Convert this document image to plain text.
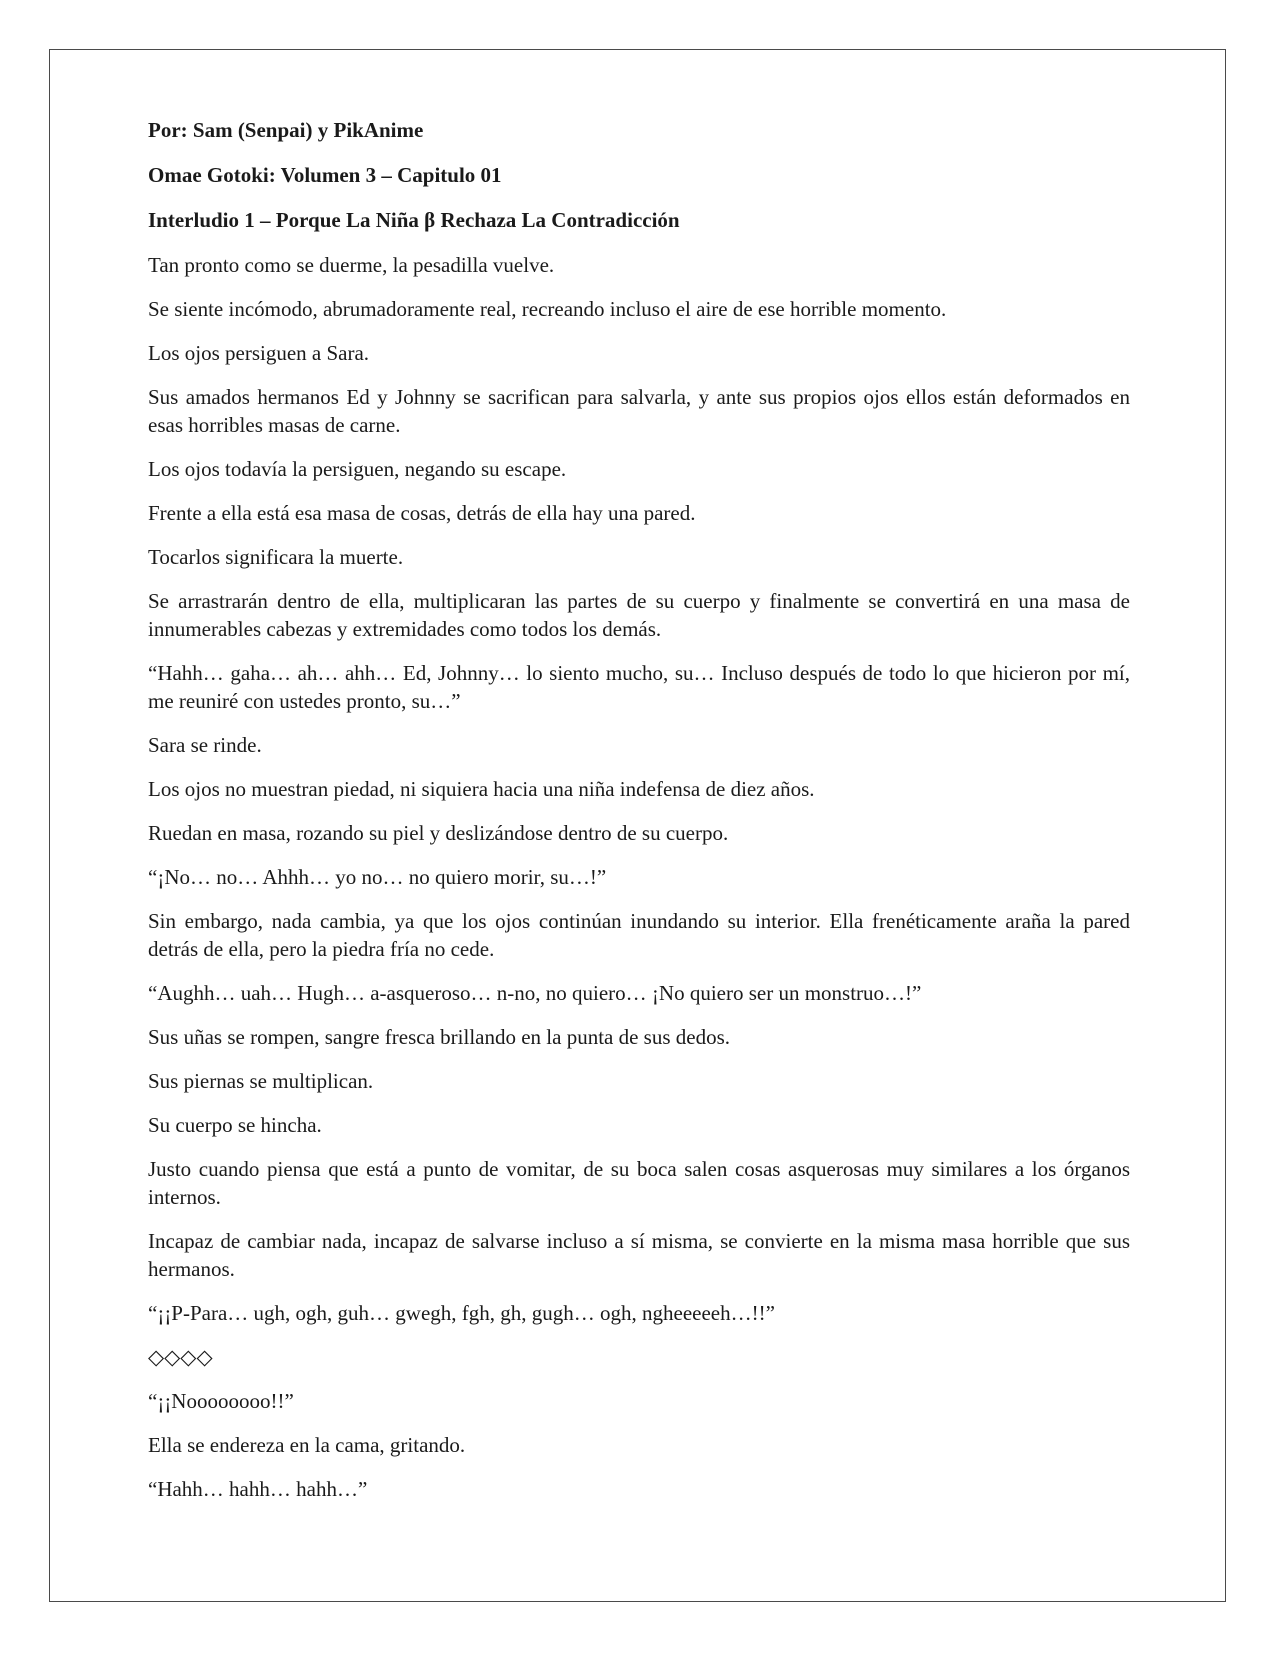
Por: Sam (Senpai) y PikAnime

Omae Gotoki: Volumen 3 – Capitulo 01

Interludio 1 – Porque La Niña β Rechaza La Contradicción

Tan pronto como se duerme, la pesadilla vuelve.

Se siente incómodo, abrumadoramente real, recreando incluso el aire de ese horrible momento.

Los ojos persiguen a Sara.

Sus amados hermanos Ed y Johnny se sacrifican para salvarla, y ante sus propios ojos ellos están deformados en esas horribles masas de carne.

Los ojos todavía la persiguen, negando su escape.

Frente a ella está esa masa de cosas, detrás de ella hay una pared.

Tocarlos significara la muerte.

Se arrastrarán dentro de ella, multiplicaran las partes de su cuerpo y finalmente se convertirá en una masa de innumerables cabezas y extremidades como todos los demás.

“Hahh… gaha… ah… ahh… Ed, Johnny… lo siento mucho, su… Incluso después de todo lo que hicieron por mí, me reuniré con ustedes pronto, su…”

Sara se rinde.

Los ojos no muestran piedad, ni siquiera hacia una niña indefensa de diez años.

Ruedan en masa, rozando su piel y deslizándose dentro de su cuerpo.

“¡No… no… Ahhh… yo no… no quiero morir, su…!”

Sin embargo, nada cambia, ya que los ojos continúan inundando su interior. Ella frenéticamente araña la pared detrás de ella, pero la piedra fría no cede.

“Aughh… uah… Hugh… a-asqueroso… n-no, no quiero… ¡No quiero ser un monstruo…!”

Sus uñas se rompen, sangre fresca brillando en la punta de sus dedos.

Sus piernas se multiplican.

Su cuerpo se hincha.

Justo cuando piensa que está a punto de vomitar, de su boca salen cosas asquerosas muy similares a los órganos internos.

Incapaz de cambiar nada, incapaz de salvarse incluso a sí misma, se convierte en la misma masa horrible que sus hermanos.

“¡¡P-Para… ugh, ogh, guh… gwegh, fgh, gh, gugh… ogh, ngheeeeeh…!!”

◇◇◇◇

“¡¡Noooooooo!!”

Ella se endereza en la cama, gritando.

“Hahh… hahh… hahh…”
